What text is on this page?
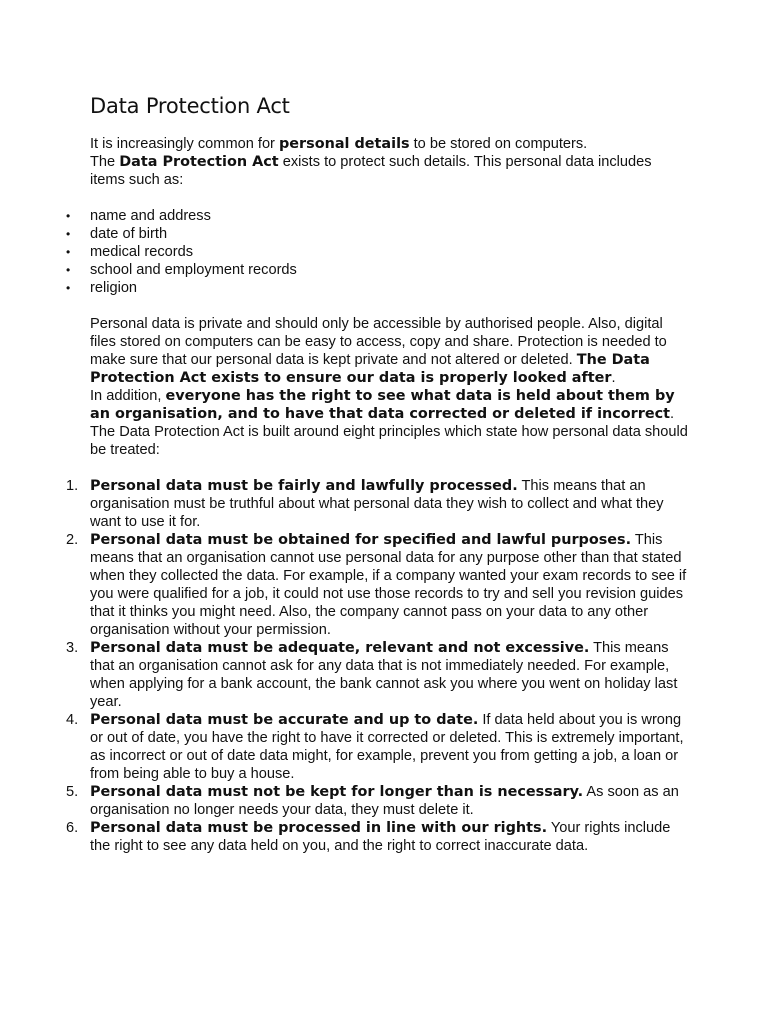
Data Protection Act

It is increasingly common for personal details to be stored on computers.

The Data Protection Act exists to protect such details. This personal data includes items such as:

• name and address
• date of birth
• medical records
• school and employment records
• religion

Personal data is private and should only be accessible by authorised people. Also, digital files stored on computers can be easy to access, copy and share. Protection is needed to make sure that our personal data is kept private and not altered or deleted. The Data Protection Act exists to ensure our data is properly looked after.

In addition, everyone has the right to see what data is held about them by an organisation, and to have that data corrected or deleted if incorrect.

The Data Protection Act is built around eight principles which state how personal data should be treated:

1. Personal data must be fairly and lawfully processed. This means that an organisation must be truthful about what personal data they wish to collect and what they want to use it for.
2. Personal data must be obtained for specified and lawful purposes. This means that an organisation cannot use personal data for any purpose other than that stated when they collected the data. For example, if a company wanted your exam records to see if you were qualified for a job, it could not use those records to try and sell you revision guides that it thinks you might need. Also, the company cannot pass on your data to any other organisation without your permission.
3. Personal data must be adequate, relevant and not excessive. This means that an organisation cannot ask for any data that is not immediately needed. For example, when applying for a bank account, the bank cannot ask you where you went on holiday last year.
4. Personal data must be accurate and up to date. If data held about you is wrong or out of date, you have the right to have it corrected or deleted. This is extremely important, as incorrect or out of date data might, for example, prevent you from getting a job, a loan or from being able to buy a house.
5. Personal data must not be kept for longer than is necessary. As soon as an organisation no longer needs your data, they must delete it.
6. Personal data must be processed in line with our rights. Your rights include the right to see any data held on you, and the right to correct inaccurate data.
